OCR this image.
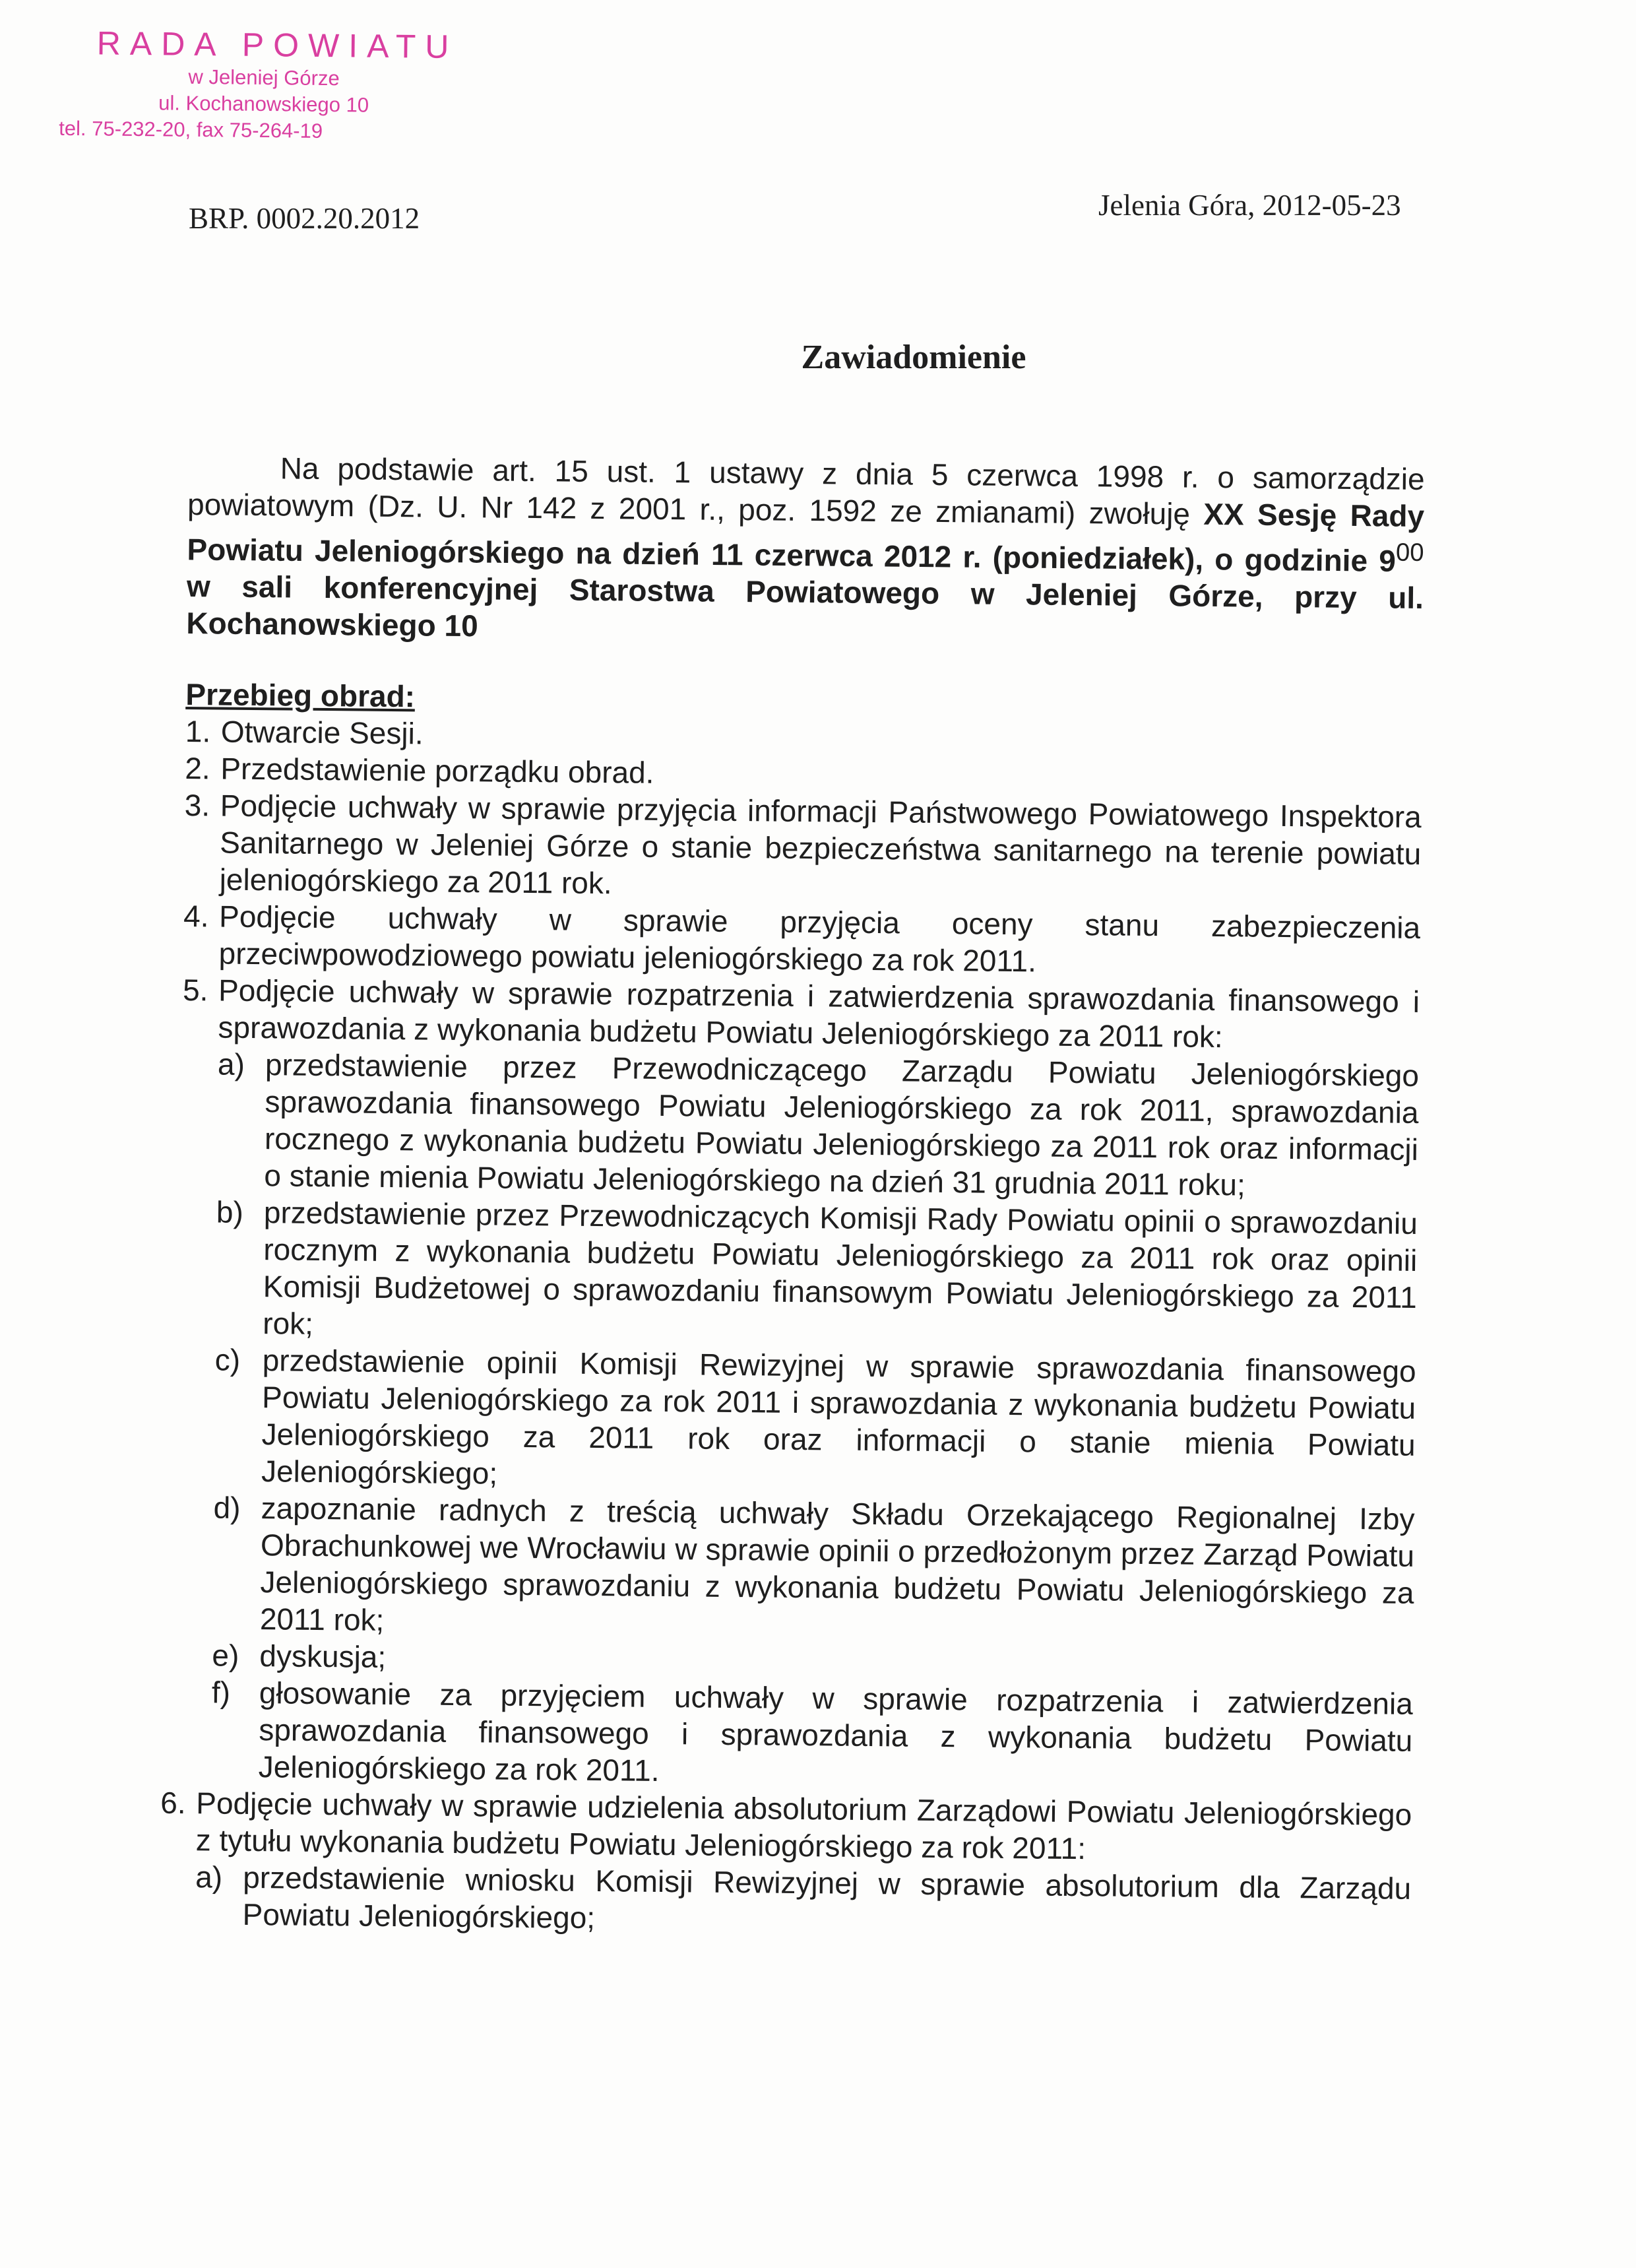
RADA POWIATU
w Jeleniej Górze
ul. Kochanowskiego 10
tel. 75-232-20, fax 75-264-19
BRP. 0002.20.2012	Jelenia Góra, 2012-05-23
Zawiadomienie

Na podstawie art. 15 ust. 1 ustawy z dnia 5 czerwca 1998 r. o samorządzie powiatowym (Dz. U. Nr 142 z 2001 r., poz. 1592 ze zmianami) zwołuję XX Sesję Rady Powiatu Jeleniogórskiego na dzień 11 czerwca 2012 r. (poniedziałek), o godzinie $9^{00}$ w sali konferencyjnej Starostwa Powiatowego w Jeleniej Górze, przy ul. Kochanowskiego 10

Przebieg obrad:
1. Otwarcie Sesji.
2. Przedstawienie porządku obrad.
3. Podjęcie uchwały w sprawie przyjęcia informacji Państwowego Powiatowego Inspektora Sanitarnego w Jeleniej Górze o stanie bezpieczeństwa sanitarnego na terenie powiatu jeleniogórskiego za 2011 rok.
4. Podjęcie uchwały w sprawie przyjęcia oceny stanu zabezpieczenia przeciwpowodziowego powiatu jeleniogórskiego za rok 2011.
5. Podjęcie uchwały w sprawie rozpatrzenia i zatwierdzenia sprawozdania finansowego i sprawozdania z wykonania budżetu Powiatu Jeleniogórskiego za 2011 rok:
a) przedstawienie przez Przewodniczącego Zarządu Powiatu Jeleniogórskiego sprawozdania finansowego Powiatu Jeleniogórskiego za rok 2011, sprawozdania rocznego z wykonania budżetu Powiatu Jeleniogórskiego za 2011 rok oraz informacji o stanie mienia Powiatu Jeleniogórskiego na dzień 31 grudnia 2011 roku;
b) przedstawienie przez Przewodniczących Komisji Rady Powiatu opinii o sprawozdaniu rocznym z wykonania budżetu Powiatu Jeleniogórskiego za 2011 rok oraz opinii Komisji Budżetowej o sprawozdaniu finansowym Powiatu Jeleniogórskiego za 2011 rok;
c) przedstawienie opinii Komisji Rewizyjnej w sprawie sprawozdania finansowego Powiatu Jeleniogórskiego za rok 2011 i sprawozdania z wykonania budżetu Powiatu Jeleniogórskiego za 2011 rok oraz informacji o stanie mienia Powiatu Jeleniogórskiego;
d) zapoznanie radnych z treścią uchwały Składu Orzekającego Regionalnej Izby Obrachunkowej we Wrocławiu w sprawie opinii o przedłożonym przez Zarząd Powiatu Jeleniogórskiego sprawozdaniu z wykonania budżetu Powiatu Jeleniogórskiego za 2011 rok;
e) dyskusja;
f) głosowanie za przyjęciem uchwały w sprawie rozpatrzenia i zatwierdzenia sprawozdania finansowego i sprawozdania z wykonania budżetu Powiatu Jeleniogórskiego za rok 2011.
6. Podjęcie uchwały w sprawie udzielenia absolutorium Zarządowi Powiatu Jeleniogórskiego z tytułu wykonania budżetu Powiatu Jeleniogórskiego za rok 2011:
a) przedstawienie wniosku Komisji Rewizyjnej w sprawie absolutorium dla Zarządu Powiatu Jeleniogórskiego;
